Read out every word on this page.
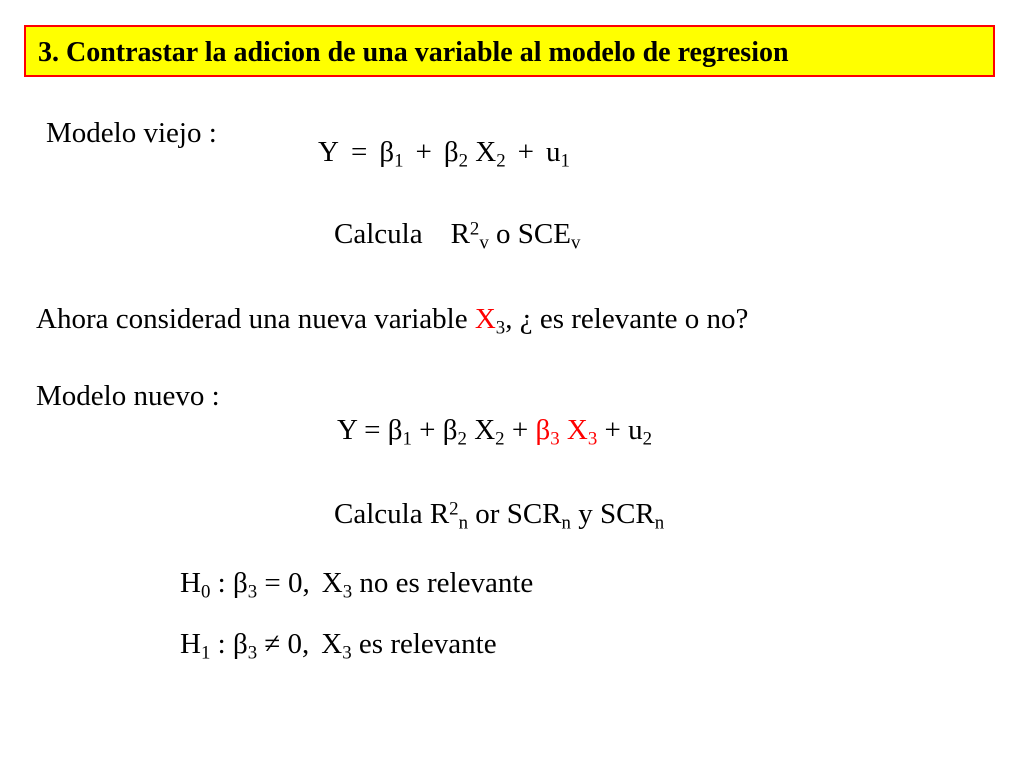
3. Contrastar la adicion de una variable al modelo de regresion
Modelo viejo :
$Y = \beta_1 + \beta_2$ $X_2 + u_1$
Calcula $R^2_v$ o $SCE_v$
Ahora considerad una nueva variable $X_3$, ¿ es relevante o no?
Modelo nuevo :
$Y = \beta_1 + \beta_2$ $X_2 + \beta_3$ $X_3 + u_2$
Calcula $R^2_n$ or $SCR_n$ y $SCR_n$
$H_0$ : $\beta_3 = 0$, $X_3$ no es relevante
$H_1$ : $\beta_3 \ne 0$, $X_3$ es relevante
